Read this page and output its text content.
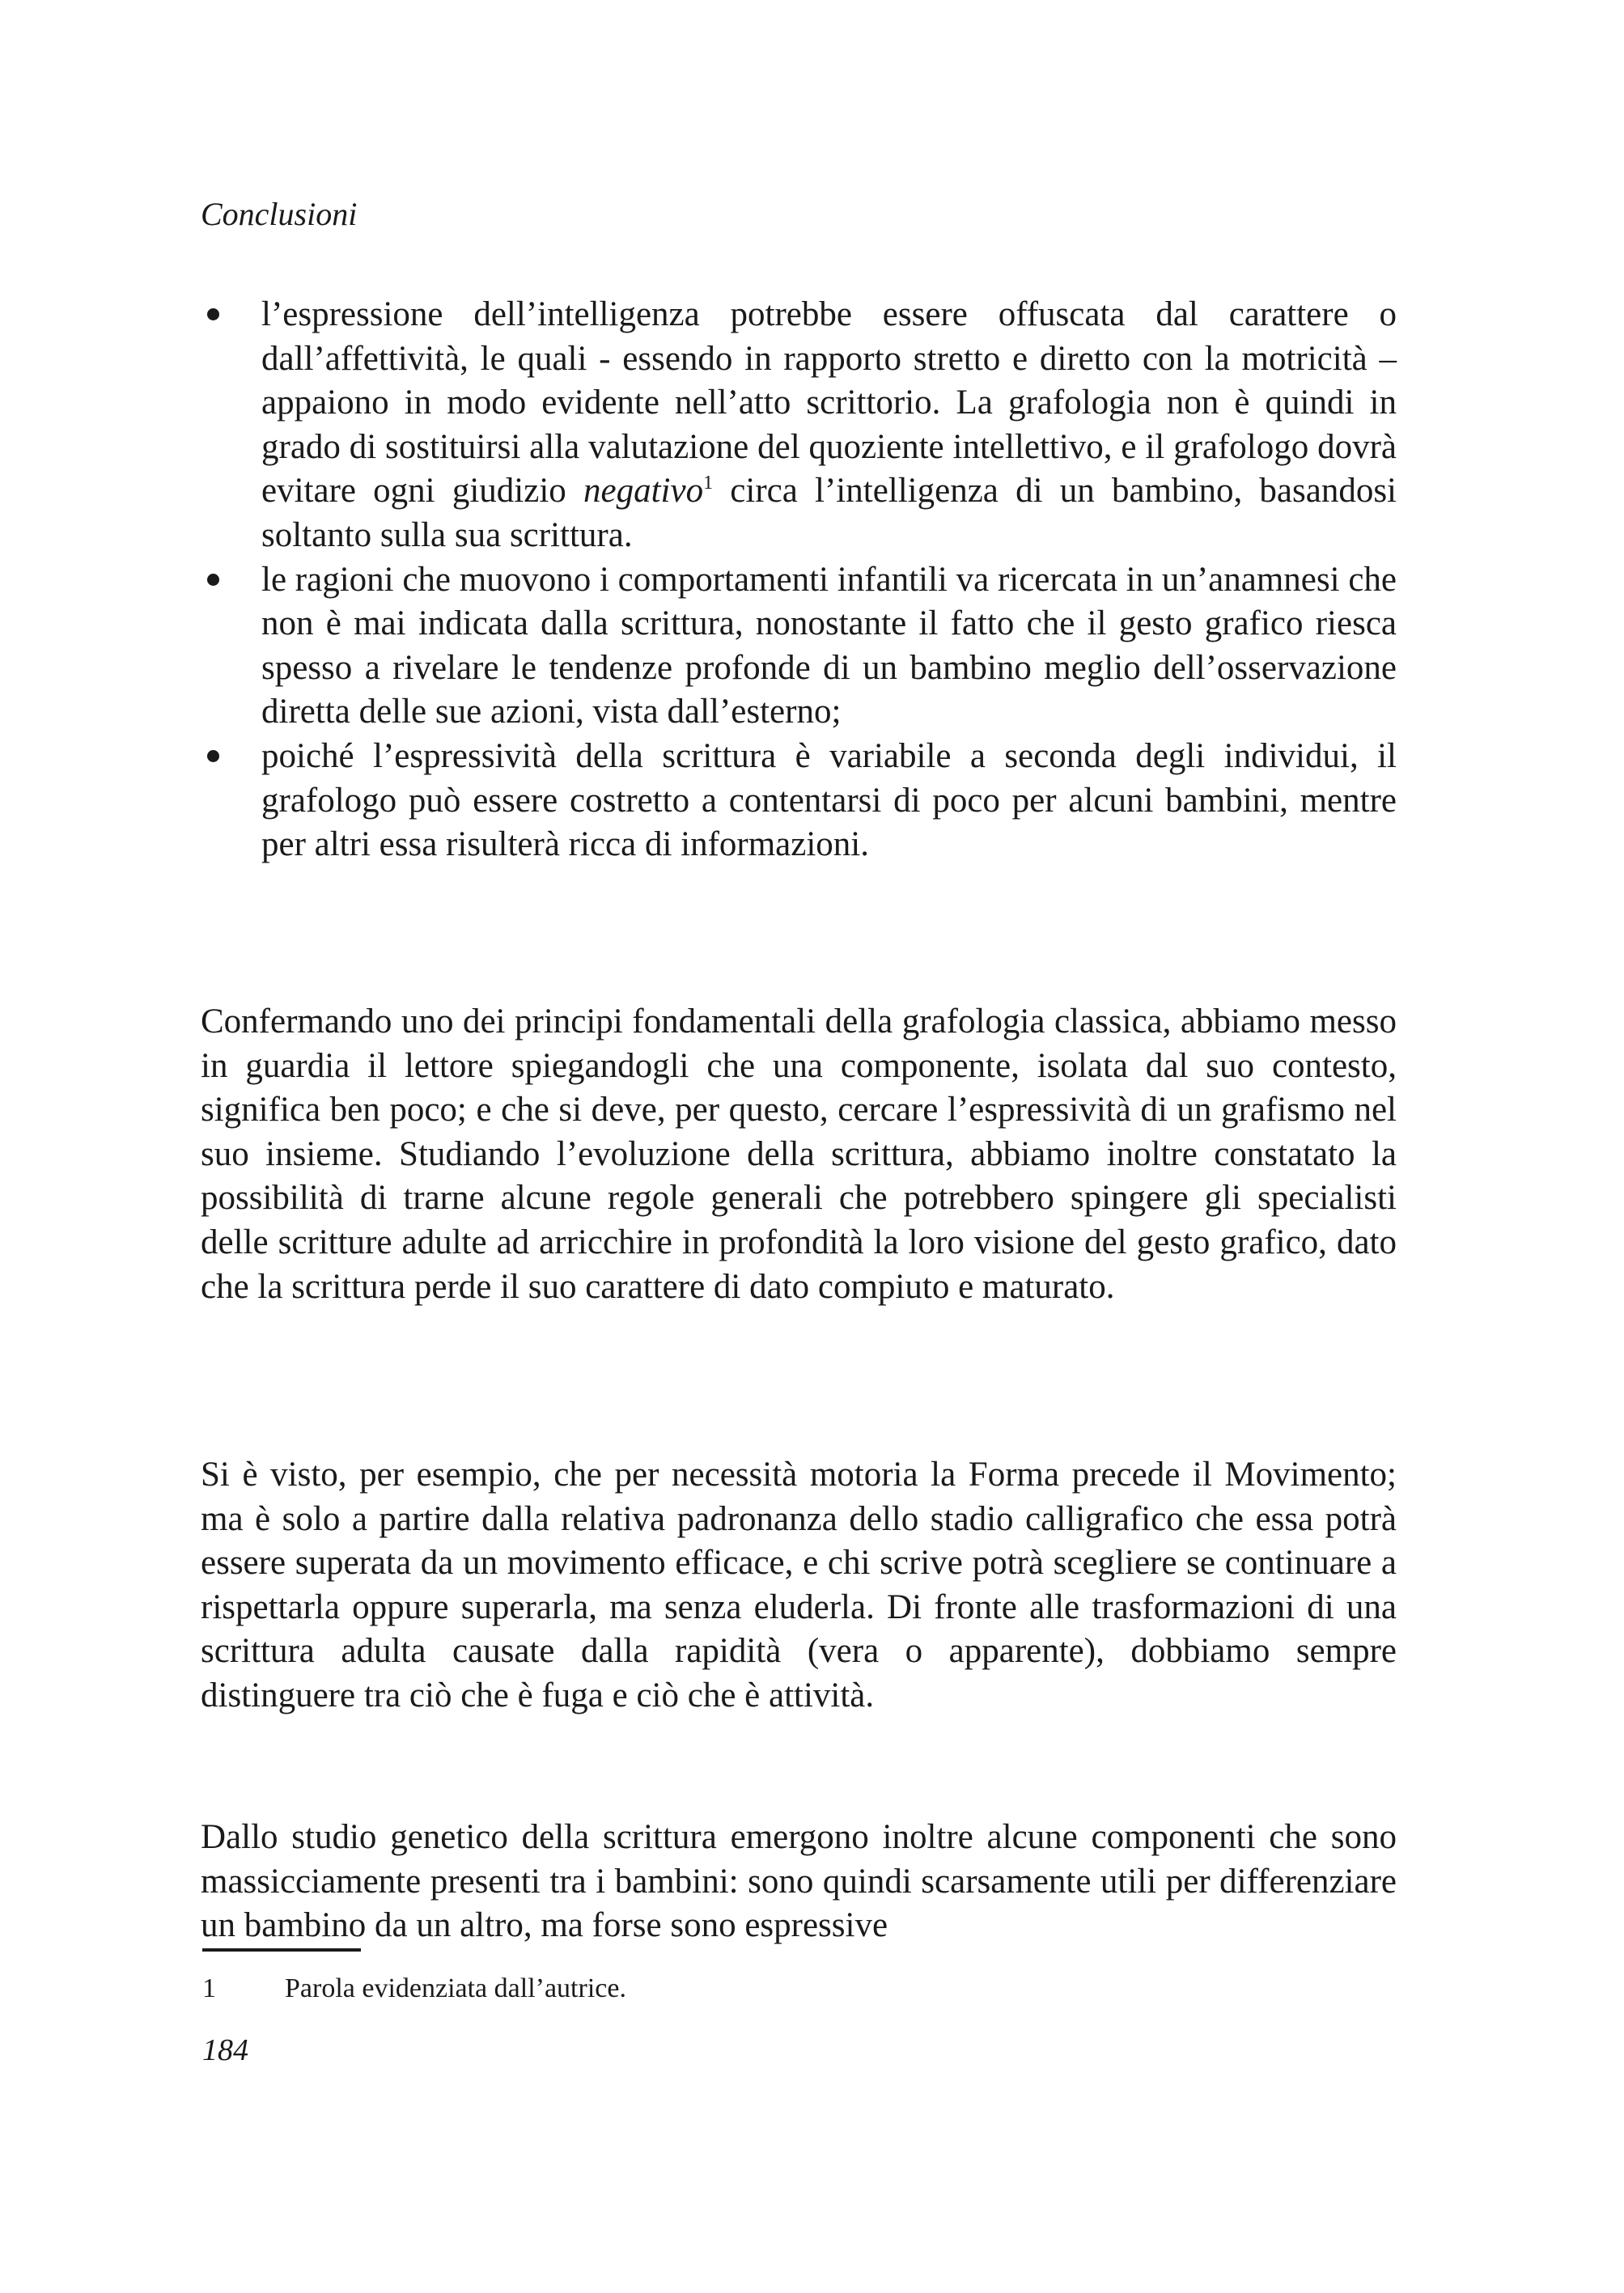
Conclusioni
l’espressione dell’intelligenza potrebbe essere offuscata dal carattere o dall’affettività, le quali - essendo in rapporto stretto e diretto con la motricità – appaiono in modo evidente nell’atto scrittorio. La grafologia non è quindi in grado di sostituirsi alla valutazione del quoziente intellettivo, e il grafologo dovrà evitare ogni giudizio negativo$^1$ circa l’intelligenza di un bambino, basandosi soltanto sulla sua scrittura.
le ragioni che muovono i comportamenti infantili va ricercata in un’anamnesi che non è mai indicata dalla scrittura, nonostante il fatto che il gesto grafico riesca spesso a rivelare le tendenze profonde di un bambino meglio dell’osservazione diretta delle sue azioni, vista dall’esterno;
poiché l’espressività della scrittura è variabile a seconda degli individui, il grafologo può essere costretto a contentarsi di poco per alcuni bambini, mentre per altri essa risulterà ricca di informazioni.

Confermando uno dei principi fondamentali della grafologia classica, abbiamo messo in guardia il lettore spiegandogli che una componente, isolata dal suo contesto, significa ben poco; e che si deve, per questo, cercare l’espressività di un grafismo nel suo insieme. Studiando l’evoluzione della scrittura, abbiamo inoltre constatato la possibilità di trarne alcune regole generali che potrebbero spingere gli specialisti delle scritture adulte ad arricchire in profondità la loro visione del gesto grafico, dato che la scrittura perde il suo carattere di dato compiuto e maturato.

Si è visto, per esempio, che per necessità motoria la Forma precede il Movimento; ma è solo a partire dalla relativa padronanza dello stadio calligrafico che essa potrà essere superata da un movimento efficace, e chi scrive potrà scegliere se continuare a rispettarla oppure superarla, ma senza eluderla. Di fronte alle trasformazioni di una scrittura adulta causate dalla rapidità (vera o apparente), dobbiamo sempre distinguere tra ciò che è fuga e ciò che è attività.

Dallo studio genetico della scrittura emergono inoltre alcune componenti che sono massicciamente presenti tra i bambini: sono quindi scarsamente utili per differenziare un bambino da un altro, ma forse sono espressive

1	Parola evidenziata dall’autrice.
184
